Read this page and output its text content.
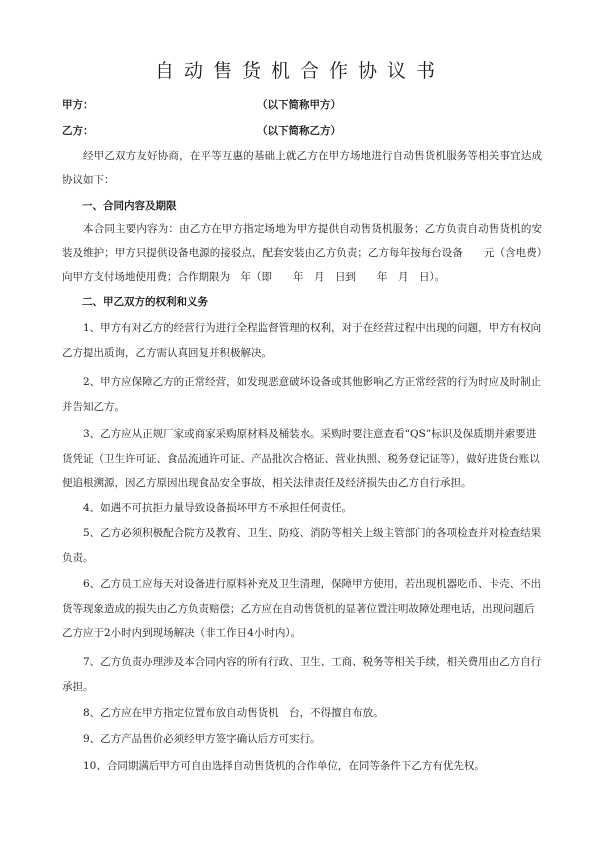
自动售货机合作协议书
甲方：	（以下简称甲方）
乙方：	（以下简称乙方）
经甲乙双方友好协商，在平等互惠的基础上就乙方在甲方场地进行自动售货机服务等相关事宜达成协议如下：
一、合同内容及期限
本合同主要内容为：由乙方在甲方指定场地为甲方提供自动售货机服务；乙方负责自动售货机的安装及维护；甲方只提供设备电源的接驳点，配套安装由乙方负责；乙方每年按每台设备　　元（含电费）向甲方支付场地使用费；合作期限为　年（即　　年　月　日到　　年　月　日）。
二、甲乙双方的权利和义务
1、甲方有对乙方的经营行为进行全程监督管理的权利，对于在经营过程中出现的问题，甲方有权向乙方提出质询，乙方需认真回复并积极解决。
2、甲方应保障乙方的正常经营，如发现恶意破坏设备或其他影响乙方正常经营的行为时应及时制止并告知乙方。
3、乙方应从正规厂家或商家采购原材料及桶装水。采购时要注意查看“QS”标识及保质期并索要进货凭证（卫生许可证、食品流通许可证、产品批次合格证、营业执照、税务登记证等），做好进货台账以便追根溯源，因乙方原因出现食品安全事故，相关法律责任及经济损失由乙方自行承担。
4、如遇不可抗拒力量导致设备损坏甲方不承担任何责任。
5、乙方必须积极配合院方及教育、卫生、防疫、消防等相关上级主管部门的各项检查并对检查结果负责。
6、乙方员工应每天对设备进行原料补充及卫生清理，保障甲方使用，若出现机器吃币、卡壳、不出货等现象造成的损失由乙方负责赔偿；乙方应在自动售货机的显著位置注明故障处理电话，出现问题后乙方应于2小时内到现场解决（非工作日4小时内）。
7、乙方负责办理涉及本合同内容的所有行政、卫生、工商、税务等相关手续，相关费用由乙方自行承担。
8、乙方应在甲方指定位置布放自动售货机　台，不得擅自布放。
9、乙方产品售价必须经甲方签字确认后方可实行。
10、合同期满后甲方可自由选择自动售货机的合作单位，在同等条件下乙方有优先权。
